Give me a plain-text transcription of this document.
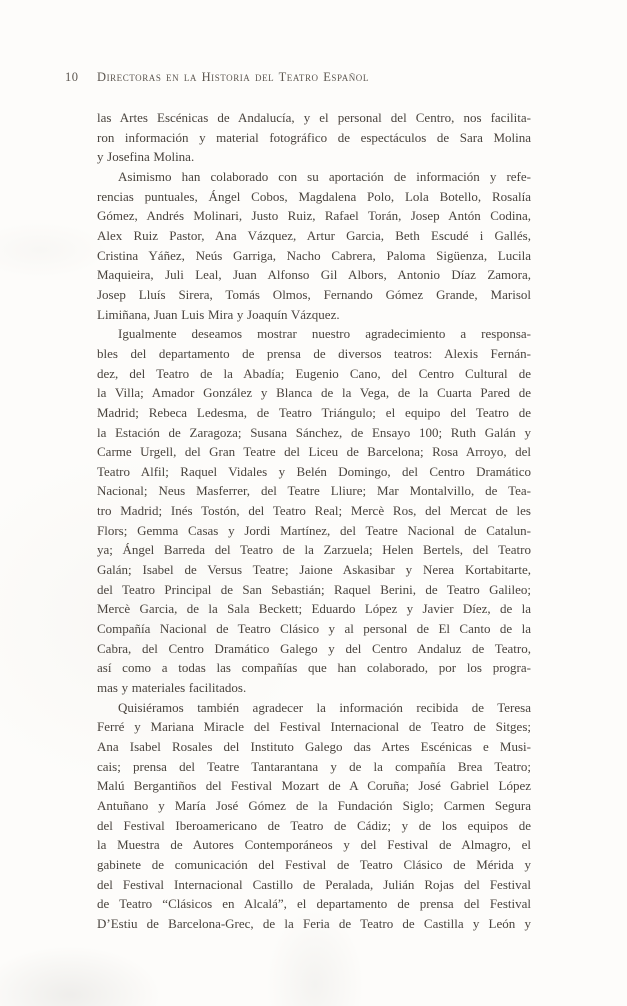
10	Directoras en la Historia del Teatro Español
las Artes Escénicas de Andalucía, y el personal del Centro, nos facilita-
ron información y material fotográfico de espectáculos de Sara Molina
y Josefina Molina.
Asimismo han colaborado con su aportación de información y refe-
rencias puntuales, Ángel Cobos, Magdalena Polo, Lola Botello, Rosalía
Gómez, Andrés Molinari, Justo Ruiz, Rafael Torán, Josep Antón Codina,
Alex Ruiz Pastor, Ana Vázquez, Artur Garcia, Beth Escudé i Gallés,
Cristina Yáñez, Neús Garriga, Nacho Cabrera, Paloma Sigüenza, Lucila
Maquieira, Juli Leal, Juan Alfonso Gil Albors, Antonio Díaz Zamora,
Josep Lluís Sirera, Tomás Olmos, Fernando Gómez Grande, Marisol
Limiñana, Juan Luis Mira y Joaquín Vázquez.
Igualmente deseamos mostrar nuestro agradecimiento a responsa-
bles del departamento de prensa de diversos teatros: Alexis Fernán-
dez, del Teatro de la Abadía; Eugenio Cano, del Centro Cultural de
la Villa; Amador González y Blanca de la Vega, de la Cuarta Pared de
Madrid; Rebeca Ledesma, de Teatro Triángulo; el equipo del Teatro de
la Estación de Zaragoza; Susana Sánchez, de Ensayo 100; Ruth Galán y
Carme Urgell, del Gran Teatre del Liceu de Barcelona; Rosa Arroyo, del
Teatro Alfil; Raquel Vidales y Belén Domingo, del Centro Dramático
Nacional; Neus Masferrer, del Teatre Lliure; Mar Montalvillo, de Tea-
tro Madrid; Inés Tostón, del Teatro Real; Mercè Ros, del Mercat de les
Flors; Gemma Casas y Jordi Martínez, del Teatre Nacional de Catalun-
ya; Ángel Barreda del Teatro de la Zarzuela; Helen Bertels, del Teatro
Galán; Isabel de Versus Teatre; Jaione Askasibar y Nerea Kortabitarte,
del Teatro Principal de San Sebastián; Raquel Berini, de Teatro Galileo;
Mercè Garcia, de la Sala Beckett; Eduardo López y Javier Díez, de la
Compañía Nacional de Teatro Clásico y al personal de El Canto de la
Cabra, del Centro Dramático Galego y del Centro Andaluz de Teatro,
así como a todas las compañías que han colaborado, por los progra-
mas y materiales facilitados.
Quisiéramos también agradecer la información recibida de Teresa
Ferré y Mariana Miracle del Festival Internacional de Teatro de Sitges;
Ana Isabel Rosales del Instituto Galego das Artes Escénicas e Musi-
cais; prensa del Teatre Tantarantana y de la compañía Brea Teatro;
Malú Bergantiños del Festival Mozart de A Coruña; José Gabriel López
Antuñano y María José Gómez de la Fundación Siglo; Carmen Segura
del Festival Iberoamericano de Teatro de Cádiz; y de los equipos de
la Muestra de Autores Contemporáneos y del Festival de Almagro, el
gabinete de comunicación del Festival de Teatro Clásico de Mérida y
del Festival Internacional Castillo de Peralada, Julián Rojas del Festival
de Teatro “Clásicos en Alcalá”, el departamento de prensa del Festival
D’Estiu de Barcelona-Grec, de la Feria de Teatro de Castilla y León y
